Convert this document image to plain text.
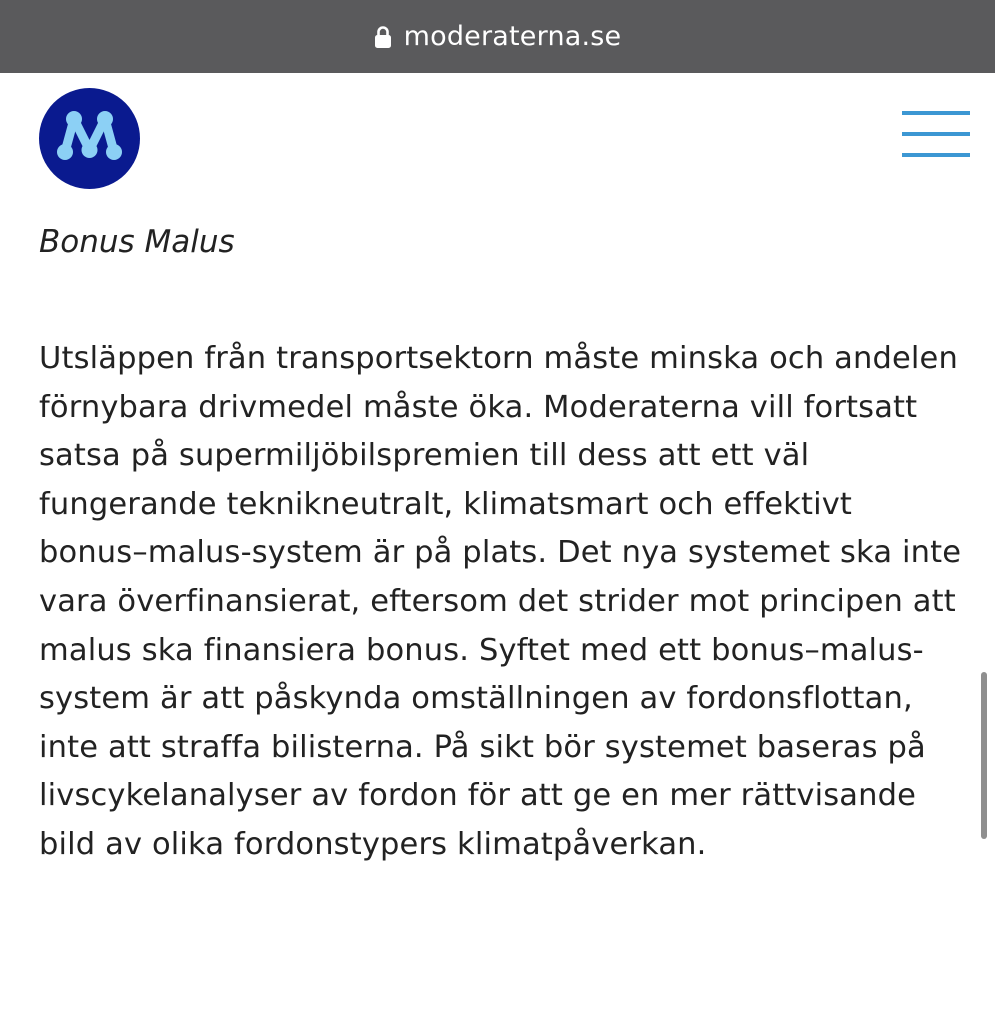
moderaterna.se
Bonus Malus

Utsläppen från transportsektorn måste minska och andelen förnybara drivmedel måste öka. Moderaterna vill fortsatt satsa på supermiljöbilspremien till dess att ett väl fungerande teknikneutralt, klimatsmart och effektivt bonus–malus-system är på plats. Det nya systemet ska inte vara överfinansierat, eftersom det strider mot principen att malus ska finansiera bonus. Syftet med ett bonus–malus-system är att påskynda omställningen av fordonsflottan, inte att straffa bilisterna. På sikt bör systemet baseras på livscykelanalyser av fordon för att ge en mer rättvisande bild av olika fordonstypers klimatpåverkan.
